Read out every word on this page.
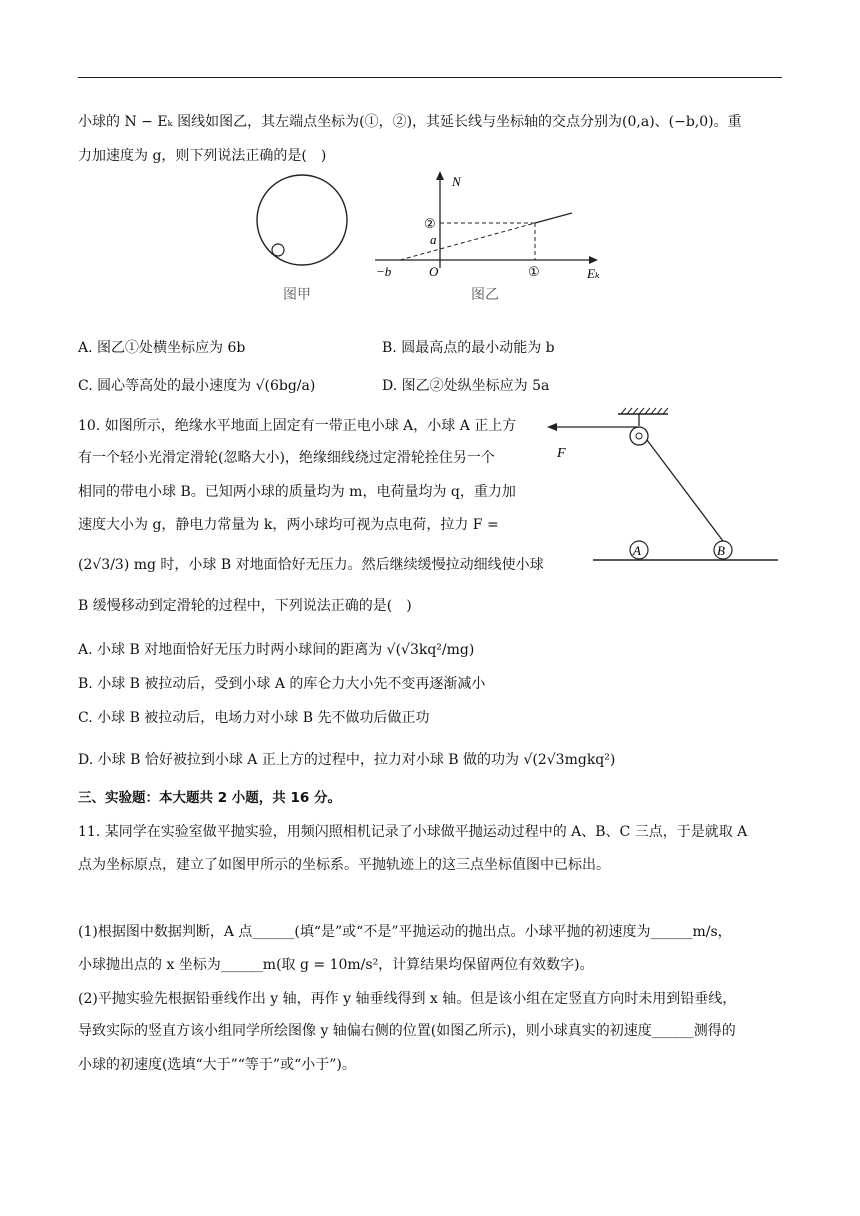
小球的 N − Eₖ 图线如图乙，其左端点坐标为(①，②)，其延长线与坐标轴的交点分别为(0,a)、(−b,0)。重
力加速度为 g，则下列说法正确的是(　)
图甲
N
Eₖ
O
②
a
−b	①
图乙
A. 图乙①处横坐标应为 6b	B. 圆最高点的最小动能为 b
C. 圆心等高处的最小速度为 √(6bg/a)	D. 图乙②处纵坐标应为 5a
10. 如图所示，绝缘水平地面上固定有一带正电小球 A，小球 A 正上方
有一个轻小光滑定滑轮(忽略大小)，绝缘细线绕过定滑轮拴住另一个
相同的带电小球 B。已知两小球的质量均为 m，电荷量均为 q，重力加
速度大小为 g，静电力常量为 k，两小球均可视为点电荷，拉力 F =
(2√3/3) mg 时，小球 B 对地面恰好无压力。然后继续缓慢拉动细线使小球
B 缓慢移动到定滑轮的过程中，下列说法正确的是(　)
F
A	B
A. 小球 B 对地面恰好无压力时两小球间的距离为 √(√3kq²/mg)
B. 小球 B 被拉动后，受到小球 A 的库仑力大小先不变再逐渐减小
C. 小球 B 被拉动后，电场力对小球 B 先不做功后做正功
D. 小球 B 恰好被拉到小球 A 正上方的过程中，拉力对小球 B 做的功为 √(2√3mgkq²)
三、实验题：本大题共 2 小题，共 16 分。
11. 某同学在实验室做平抛实验，用频闪照相机记录了小球做平抛运动过程中的 A、B、C 三点，于是就取 A
点为坐标原点，建立了如图甲所示的坐标系。平抛轨迹上的这三点坐标值图中已标出。
(1)根据图中数据判断，A 点______(填“是”或“不是”平抛运动的抛出点。小球平抛的初速度为______m/s，
小球抛出点的 x 坐标为______m(取 g = 10m/s²，计算结果均保留两位有效数字)。
(2)平抛实验先根据铅垂线作出 y 轴，再作 y 轴垂线得到 x 轴。但是该小组在定竖直方向时未用到铅垂线，
导致实际的竖直方该小组同学所绘图像 y 轴偏右侧的位置(如图乙所示)，则小球真实的初速度______测得的
小球的初速度(选填“大于”“等于”或“小于”)。
